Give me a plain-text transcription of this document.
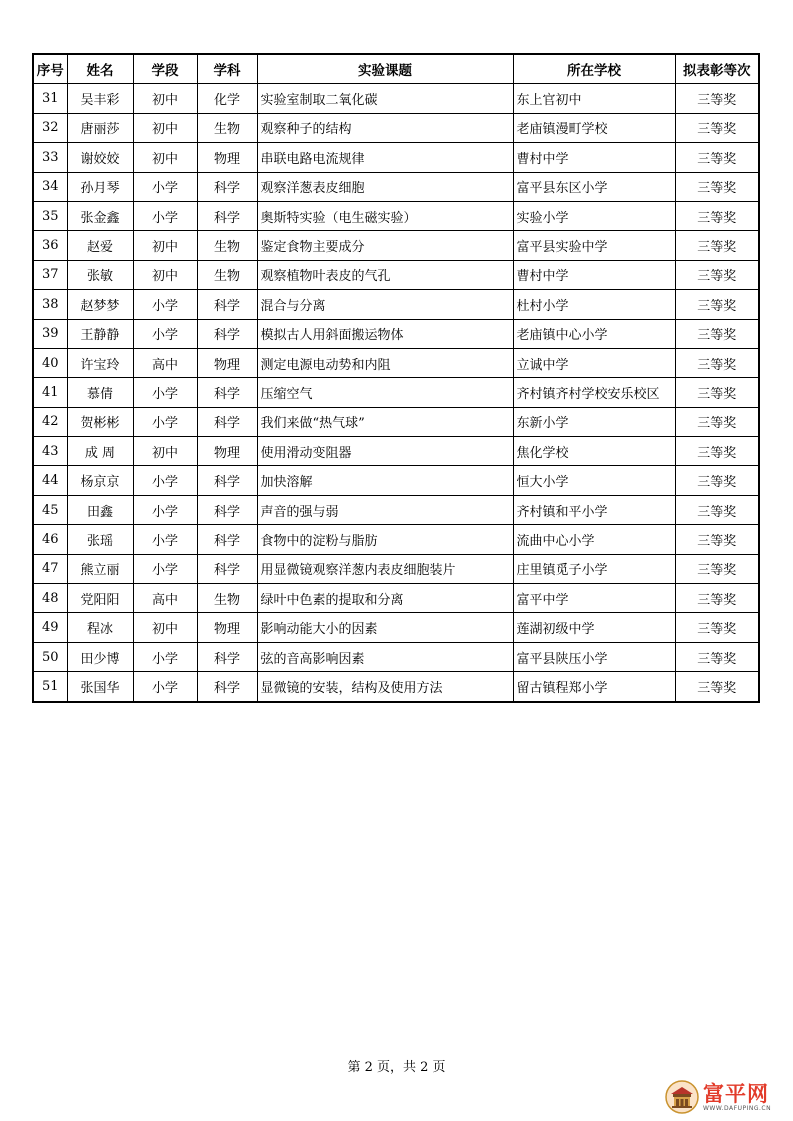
序号	姓名	学段	学科	实验课题	所在学校	拟表彰等次
31	吴丰彩	初中	化学	实验室制取二氧化碳	东上官初中	三等奖
32	唐丽莎	初中	生物	观察种子的结构	老庙镇漫町学校	三等奖
33	谢姣姣	初中	物理	串联电路电流规律	曹村中学	三等奖
34	孙月琴	小学	科学	观察洋葱表皮细胞	富平县东区小学	三等奖
35	张金鑫	小学	科学	奥斯特实验（电生磁实验）	实验小学	三等奖
36	赵爱	初中	生物	鉴定食物主要成分	富平县实验中学	三等奖
37	张敏	初中	生物	观察植物叶表皮的气孔	曹村中学	三等奖
38	赵梦梦	小学	科学	混合与分离	杜村小学	三等奖
39	王静静	小学	科学	模拟古人用斜面搬运物体	老庙镇中心小学	三等奖
40	许宝玲	高中	物理	测定电源电动势和内阻	立诚中学	三等奖
41	慕倩	小学	科学	压缩空气	齐村镇齐村学校安乐校区	三等奖
42	贺彬彬	小学	科学	我们来做“热气球”	东新小学	三等奖
43	成 周	初中	物理	使用滑动变阻器	焦化学校	三等奖
44	杨京京	小学	科学	加快溶解	恒大小学	三等奖
45	田鑫	小学	科学	声音的强与弱	齐村镇和平小学	三等奖
46	张瑶	小学	科学	食物中的淀粉与脂肪	流曲中心小学	三等奖
47	熊立丽	小学	科学	用显微镜观察洋葱内表皮细胞装片	庄里镇觅子小学	三等奖
48	党阳阳	高中	生物	绿叶中色素的提取和分离	富平中学	三等奖
49	程冰	初中	物理	影响动能大小的因素	莲湖初级中学	三等奖
50	田少博	小学	科学	弦的音高影响因素	富平县陕压小学	三等奖
51	张国华	小学	科学	显微镜的安装，结构及使用方法	留古镇程郑小学	三等奖
第 2 页，共 2 页
富平网
WWW.DAFUPING.CN
